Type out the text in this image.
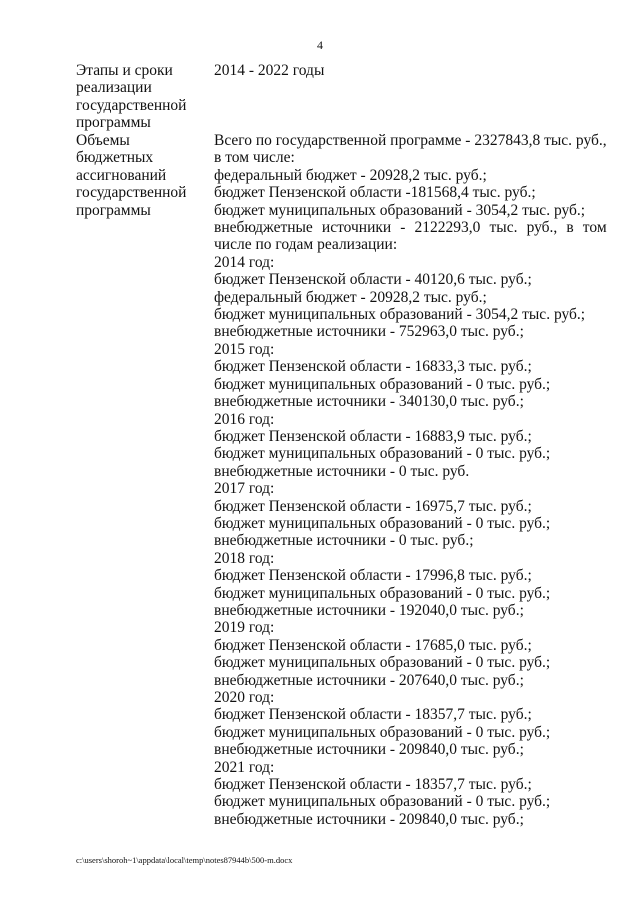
4
Этапы и сроки
реализации
государственной
программы
2014 - 2022 годы
Объемы
бюджетных
ассигнований
государственной
программы
Всего по государственной программе - 2327843,8 тыс. руб.,
в том числе:
федеральный бюджет - 20928,2 тыс. руб.;
бюджет Пензенской области -181568,4 тыс. руб.;
бюджет муниципальных образований - 3054,2 тыс. руб.;
внебюджетные источники - 2122293,0 тыс. руб., в том
числе по годам реализации:
2014 год:
бюджет Пензенской области - 40120,6 тыс. руб.;
федеральный бюджет - 20928,2 тыс. руб.;
бюджет муниципальных образований - 3054,2 тыс. руб.;
внебюджетные источники - 752963,0 тыс. руб.;
2015 год:
бюджет Пензенской области - 16833,3 тыс. руб.;
бюджет муниципальных образований - 0 тыс. руб.;
внебюджетные источники - 340130,0 тыс. руб.;
2016 год:
бюджет Пензенской области - 16883,9 тыс. руб.;
бюджет муниципальных образований - 0 тыс. руб.;
внебюджетные источники - 0 тыс. руб.
2017 год:
бюджет Пензенской области - 16975,7 тыс. руб.;
бюджет муниципальных образований - 0 тыс. руб.;
внебюджетные источники - 0 тыс. руб.;
2018 год:
бюджет Пензенской области - 17996,8 тыс. руб.;
бюджет муниципальных образований - 0 тыс. руб.;
внебюджетные источники - 192040,0 тыс. руб.;
2019 год:
бюджет Пензенской области - 17685,0 тыс. руб.;
бюджет муниципальных образований - 0 тыс. руб.;
внебюджетные источники - 207640,0 тыс. руб.;
2020 год:
бюджет Пензенской области - 18357,7 тыс. руб.;
бюджет муниципальных образований - 0 тыс. руб.;
внебюджетные источники - 209840,0 тыс. руб.;
2021 год:
бюджет Пензенской области - 18357,7 тыс. руб.;
бюджет муниципальных образований - 0 тыс. руб.;
внебюджетные источники - 209840,0 тыс. руб.;
c:\users\shoroh~1\appdata\local\temp\notes87944b\500-m.docx
